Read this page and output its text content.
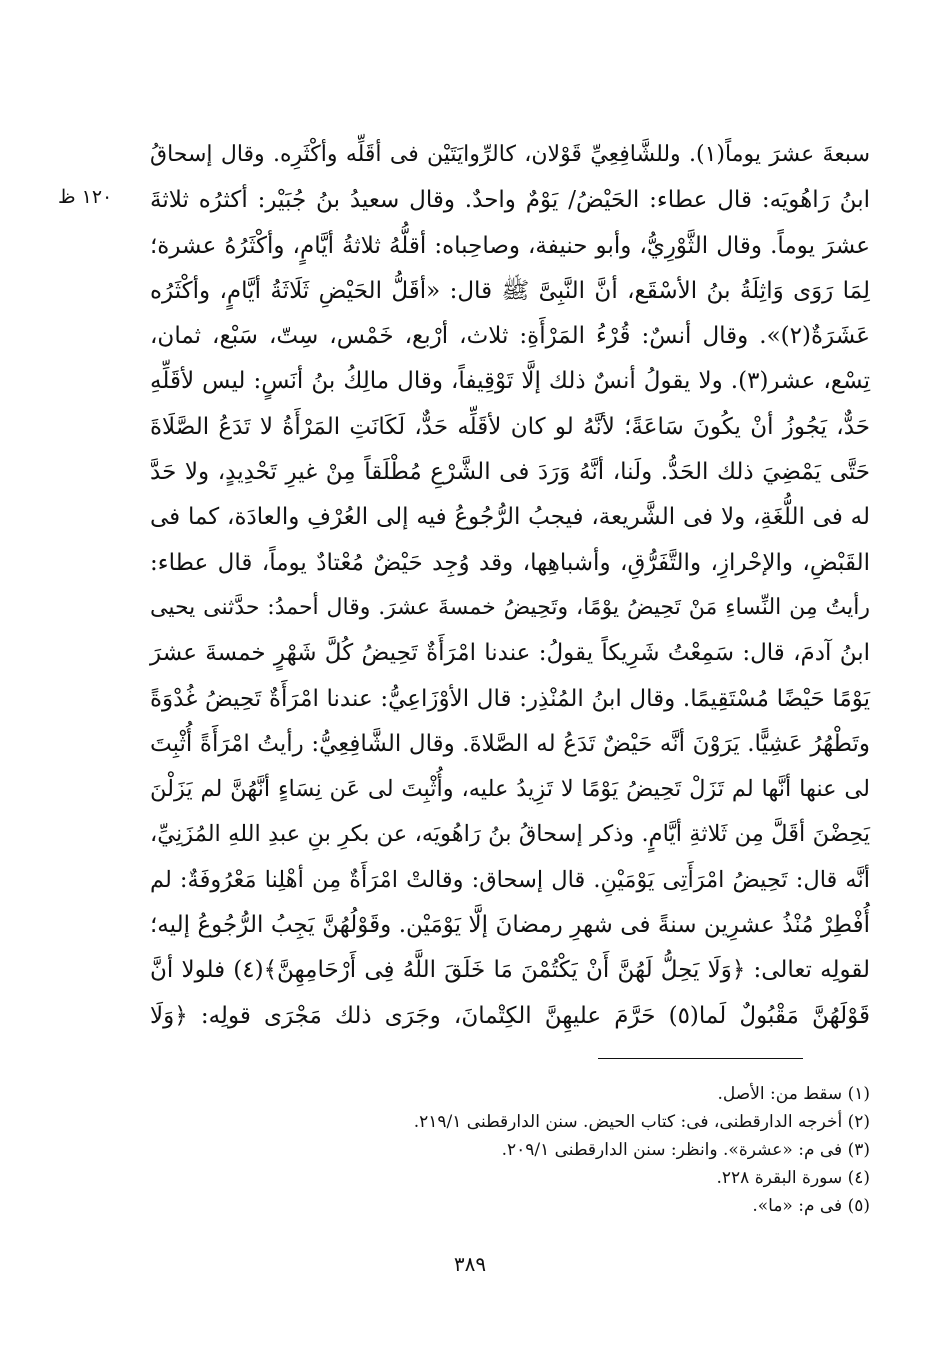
١٢٠ ظ
سبعةَ عشرَ يوماً(١). وللشَّافِعِيِّ قَوْلان، كالرِّوايَتَيْن فى أقَلِّه وأكْثَرِه. وقال إسحاقُ
ابنُ رَاهُويَه: قال عطاء: الحَيْضُ/ يَوْمٌ واحدٌ. وقال سعيدُ بنُ جُبَيْر: أكثرُه ثلاثةَ
عشرَ يوماً. وقال الثَّوْرِيُّ، وأبو حنيفة، وصاحِباه: أقلُّهُ ثلاثةُ أيَّامٍ، وأكْثَرُهُ عشرة؛
لِمَا رَوَى وَاثِلَةُ بنُ الأسْقَع، أنَّ النَّبِىَّ ﷺ قال: «أقَلُّ الحَيْضِ ثَلَاثَةُ أيَّامٍ، وأكْثَرُه
عَشَرَةٌ(٢)». وقال أنسٌ: قُرْءُ المَرْأَةِ: ثلاث، أرْبع، خَمْس، سِتّ، سَبْع، ثمان،
تِسْع، عشر(٣). ولا يقولُ أنسٌ ذلك إلَّا تَوْقِيفاً، وقال مالِكُ بنُ أنَسٍ: ليس لأقَلِّهِ
حَدٌّ، يَجُوزُ أنْ يكُونَ سَاعَةً؛ لأنَّهُ لو كان لأقَلِّه حَدٌّ، لَكَانَتِ المَرْأَةُ لا تَدَعُ الصَّلَاةَ
حَتَّى يَمْضِيَ ذلك الحَدُّ. ولَنا، أنَّهُ وَرَدَ فى الشَّرْعِ مُطْلَقاً مِنْ غيرِ تَحْدِيدٍ، ولا حَدَّ
له فى اللُّغَةِ، ولا فى الشَّريعة، فيجبُ الرُّجُوعُ فيه إلى العُرْفِ والعادَة، كما فى
القَبْضِ، والإحْرازِ، والتَّفَرُّقِ، وأشباهِها، وقد وُجِد حَيْضٌ مُعْتادٌ يوماً، قال عطاء:
رأيتُ مِن النِّساءِ مَنْ تَحِيضُ يوْمًا، وتَحِيضُ خمسةَ عشرَ. وقال أحمدُ: حدَّثنى يحيى
ابنُ آدمَ، قال: سَمِعْتُ شَرِيكاً يقولُ: عندنا امْرَأَةٌ تَحِيضُ كُلَّ شَهْرٍ خمسةَ عشرَ
يَوْمًا حَيْضًا مُسْتَقِيمًا. وقال ابنُ المُنْذِر: قال الأوْزَاعِيُّ: عندنا امْرَأَةٌ تَحِيضُ غُدْوَةً
وتَطْهُرُ عَشِيًّا. يَرَوْنَ أنَّه حَيْضٌ تَدَعُ له الصَّلاةَ. وقال الشَّافِعِيُّ: رأيتُ امْرَأَةً أُثْبِتَ
لى عنها أنَّها لم تَزَلْ تَحِيضُ يَوْمًا لا تَزِيدُ عليه، وأُثْبِتَ لى عَن نِسَاءٍ أنَّهُنَّ لم يَزَلْنَ
يَحِضْنَ أقَلَّ مِن ثَلاثةِ أيَّامٍ. وذكر إسحاقُ بنُ رَاهُويَه، عن بكرِ بنِ عبدِ اللهِ المُزَنِيِّ،
أنَّه قال: تَحِيضُ امْرَأَتِى يَوْمَيْنِ. قال إسحاق: وقالتْ امْرَأَةٌ مِن أهْلِنا مَعْرُوفَةٌ: لم
أُفْطِرْ مُنْذُ عشرِين سنةً فى شهرِ رمضانَ إلَّا يَوْمَيْن. وقَوْلُهُنَّ يَجِبُ الرُّجُوعُ إليه؛
لقولِه تعالى: ﴿وَلَا يَحِلُّ لَهُنَّ أَنْ يَكْتُمْنَ مَا خَلَقَ اللَّهُ فِى أَرْحَامِهِنَّ﴾(٤) فلولا أنَّ
قَوْلَهُنَّ مَقْبُولٌ لَما(٥) حَرَّمَ عليهِنَّ الكِتْمانَ، وجَرَى ذلك مَجْرَى قولِه: ﴿وَلَا
(١) سقط من: الأصل.
(٢) أخرجه الدارقطنى، فى: كتاب الحيض. سنن الدارقطنى ٢١٩/١.
(٣) فى م: «عشرة». وانظر: سنن الدارقطنى ٢٠٩/١.
(٤) سورة البقرة ٢٢٨.
(٥) فى م: «ما».
٣٨٩
